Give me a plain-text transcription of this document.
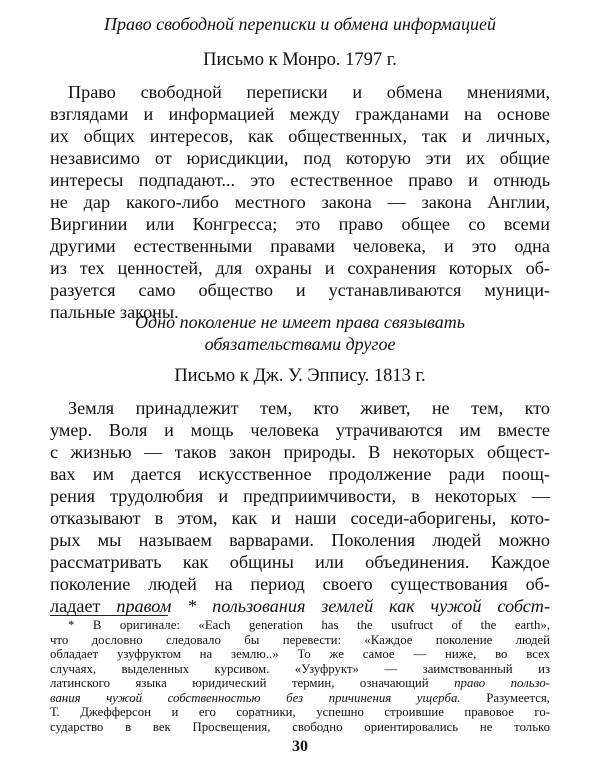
Право свободной переписки и обмена информацией
Письмо к Монро. 1797 г.
Право свободной переписки и обмена мнениями,
взглядами и информацией между гражданами на основе
их общих интересов, как общественных, так и личных,
независимо от юрисдикции, под которую эти их общие
интересы подпадают... это естественное право и отнюдь
не дар какого-либо местного закона — закона Англии,
Виргинии или Конгресса; это право общее со всеми
другими естественными правами человека, и это одна
из тех ценностей, для охраны и сохранения которых об-
разуется само общество и устанавливаются муници-
пальные законы.
Одно поколение не имеет права связывать
обязательствами другое
Письмо к Дж. У. Эппису. 1813 г.
Земля принадлежит тем, кто живет, не тем, кто
умер. Воля и мощь человека утрачиваются им вместе
с жизнью — таков закон природы. В некоторых общест-
вах им дается искусственное продолжение ради поощ-
рения трудолюбия и предприимчивости, в некоторых —
отказывают в этом, как и наши соседи-аборигены, кото-
рых мы называем варварами. Поколения людей можно
рассматривать как общины или объединения. Каждое
поколение людей на период своего существования об-
ладает правом * пользования землей как чужой собст-
* В оригинале: «Each generation has the usufruct of the earth»,
что дословно следовало бы перевести: «Каждое поколение людей
обладает узуфруктом на землю..» То же самое — ниже, во всех
случаях, выделенных курсивом. «Узуфрукт» — заимствованный из
латинского языка юридический термин, означающий право пользо-
вания чужой собственностью без причинения ущерба. Разумеется,
Т. Джефферсон и его соратники, успешно строившие правовое го-
сударство в век Просвещения, свободно ориентировались не только
30
